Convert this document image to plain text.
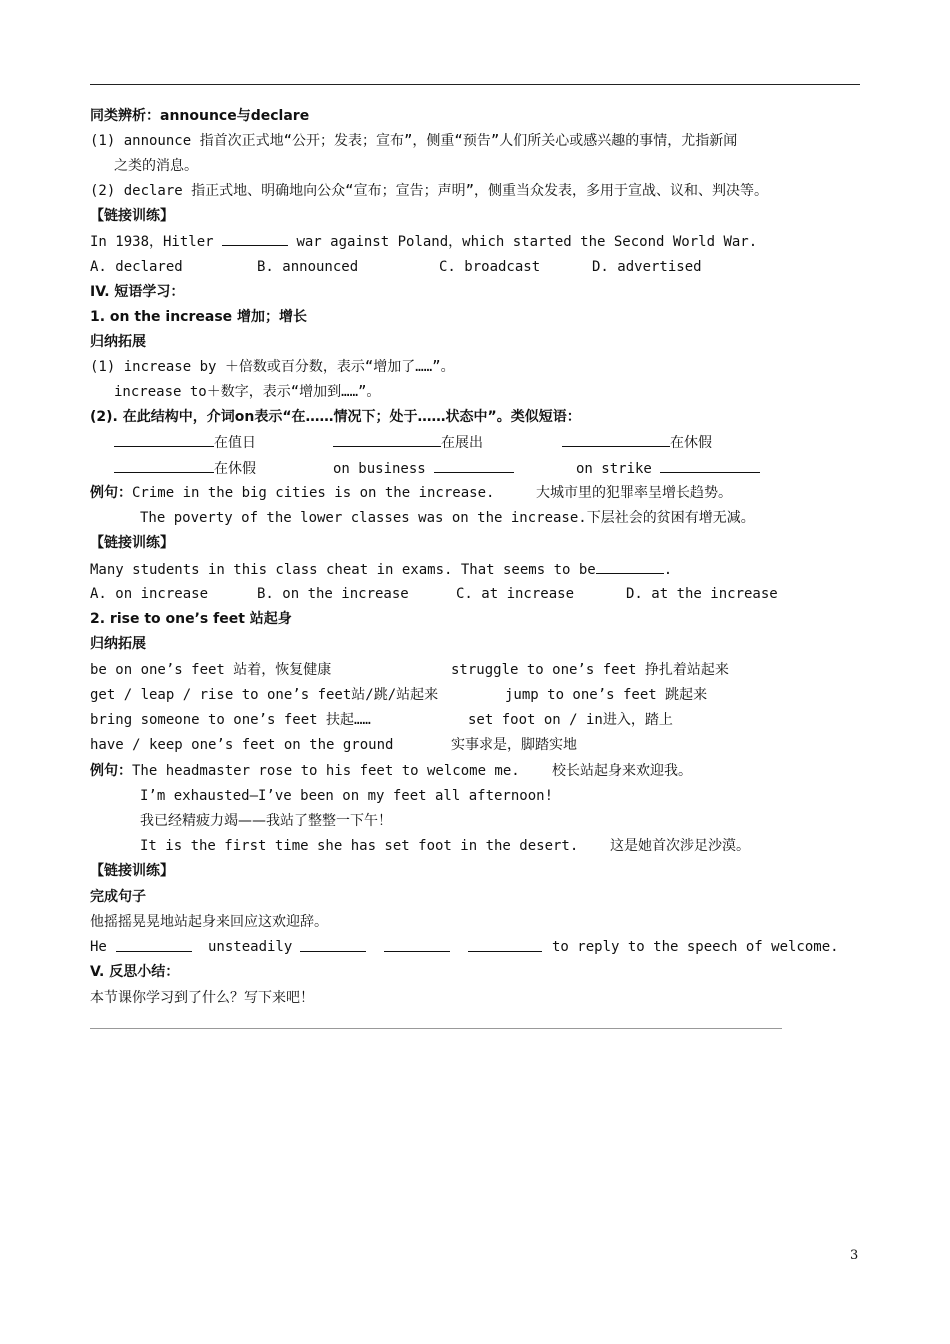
同类辨析：announce与declare
(1) announce 指首次正式地“公开；发表；宣布”，侧重“预告”人们所关心或感兴趣的事情，尤指新闻
之类的消息。
(2) declare 指正式地、明确地向公众“宣布；宣告；声明”，侧重当众发表，多用于宣战、议和、判决等。
【链接训练】
In 1938，Hitler	war against Poland，which started the Second World War.
A. declared	B. announced	C. broadcast	D. advertised
IV. 短语学习：
1. on the increase 增加；增长
归纳拓展
(1) increase by ＋倍数或百分数，表示“增加了……”。
increase to＋数字，表示“增加到……”。
(2). 在此结构中，介词on表示“在……情况下；处于……状态中”。类似短语：
在值日	在展出	在休假
在休假	on business	on strike
例句：Crime in the big cities is on the increase.	大城市里的犯罪率呈增长趋势。
The poverty of the lower classes was on the increase.下层社会的贫困有增无减。
【链接训练】
Many students in this class cheat in exams. That seems to be	.
A. on increase	B. on the increase	C. at increase	D. at the increase
2. rise to one’s feet 站起身
归纳拓展
be on one’s feet 站着，恢复健康	struggle to one’s feet 挣扎着站起来
get / leap / rise to one’s feet站/跳/站起来	jump to one’s feet 跳起来
bring someone to one’s feet 扶起……	set foot on / in进入，踏上
have / keep one’s feet on the ground	实事求是，脚踏实地
例句：The headmaster rose to his feet to welcome me. 校长站起身来欢迎我。
I’m exhausted—I’ve been on my feet all afternoon!
我已经精疲力竭——我站了整整一下午！
It is the first time she has set foot in the desert. 这是她首次涉足沙漠。
【链接训练】
完成句子
他摇摇晃晃地站起身来回应这欢迎辞。
He	unsteadily	to reply to the speech of welcome.
V. 反思小结：
本节课你学习到了什么？写下来吧！
3
